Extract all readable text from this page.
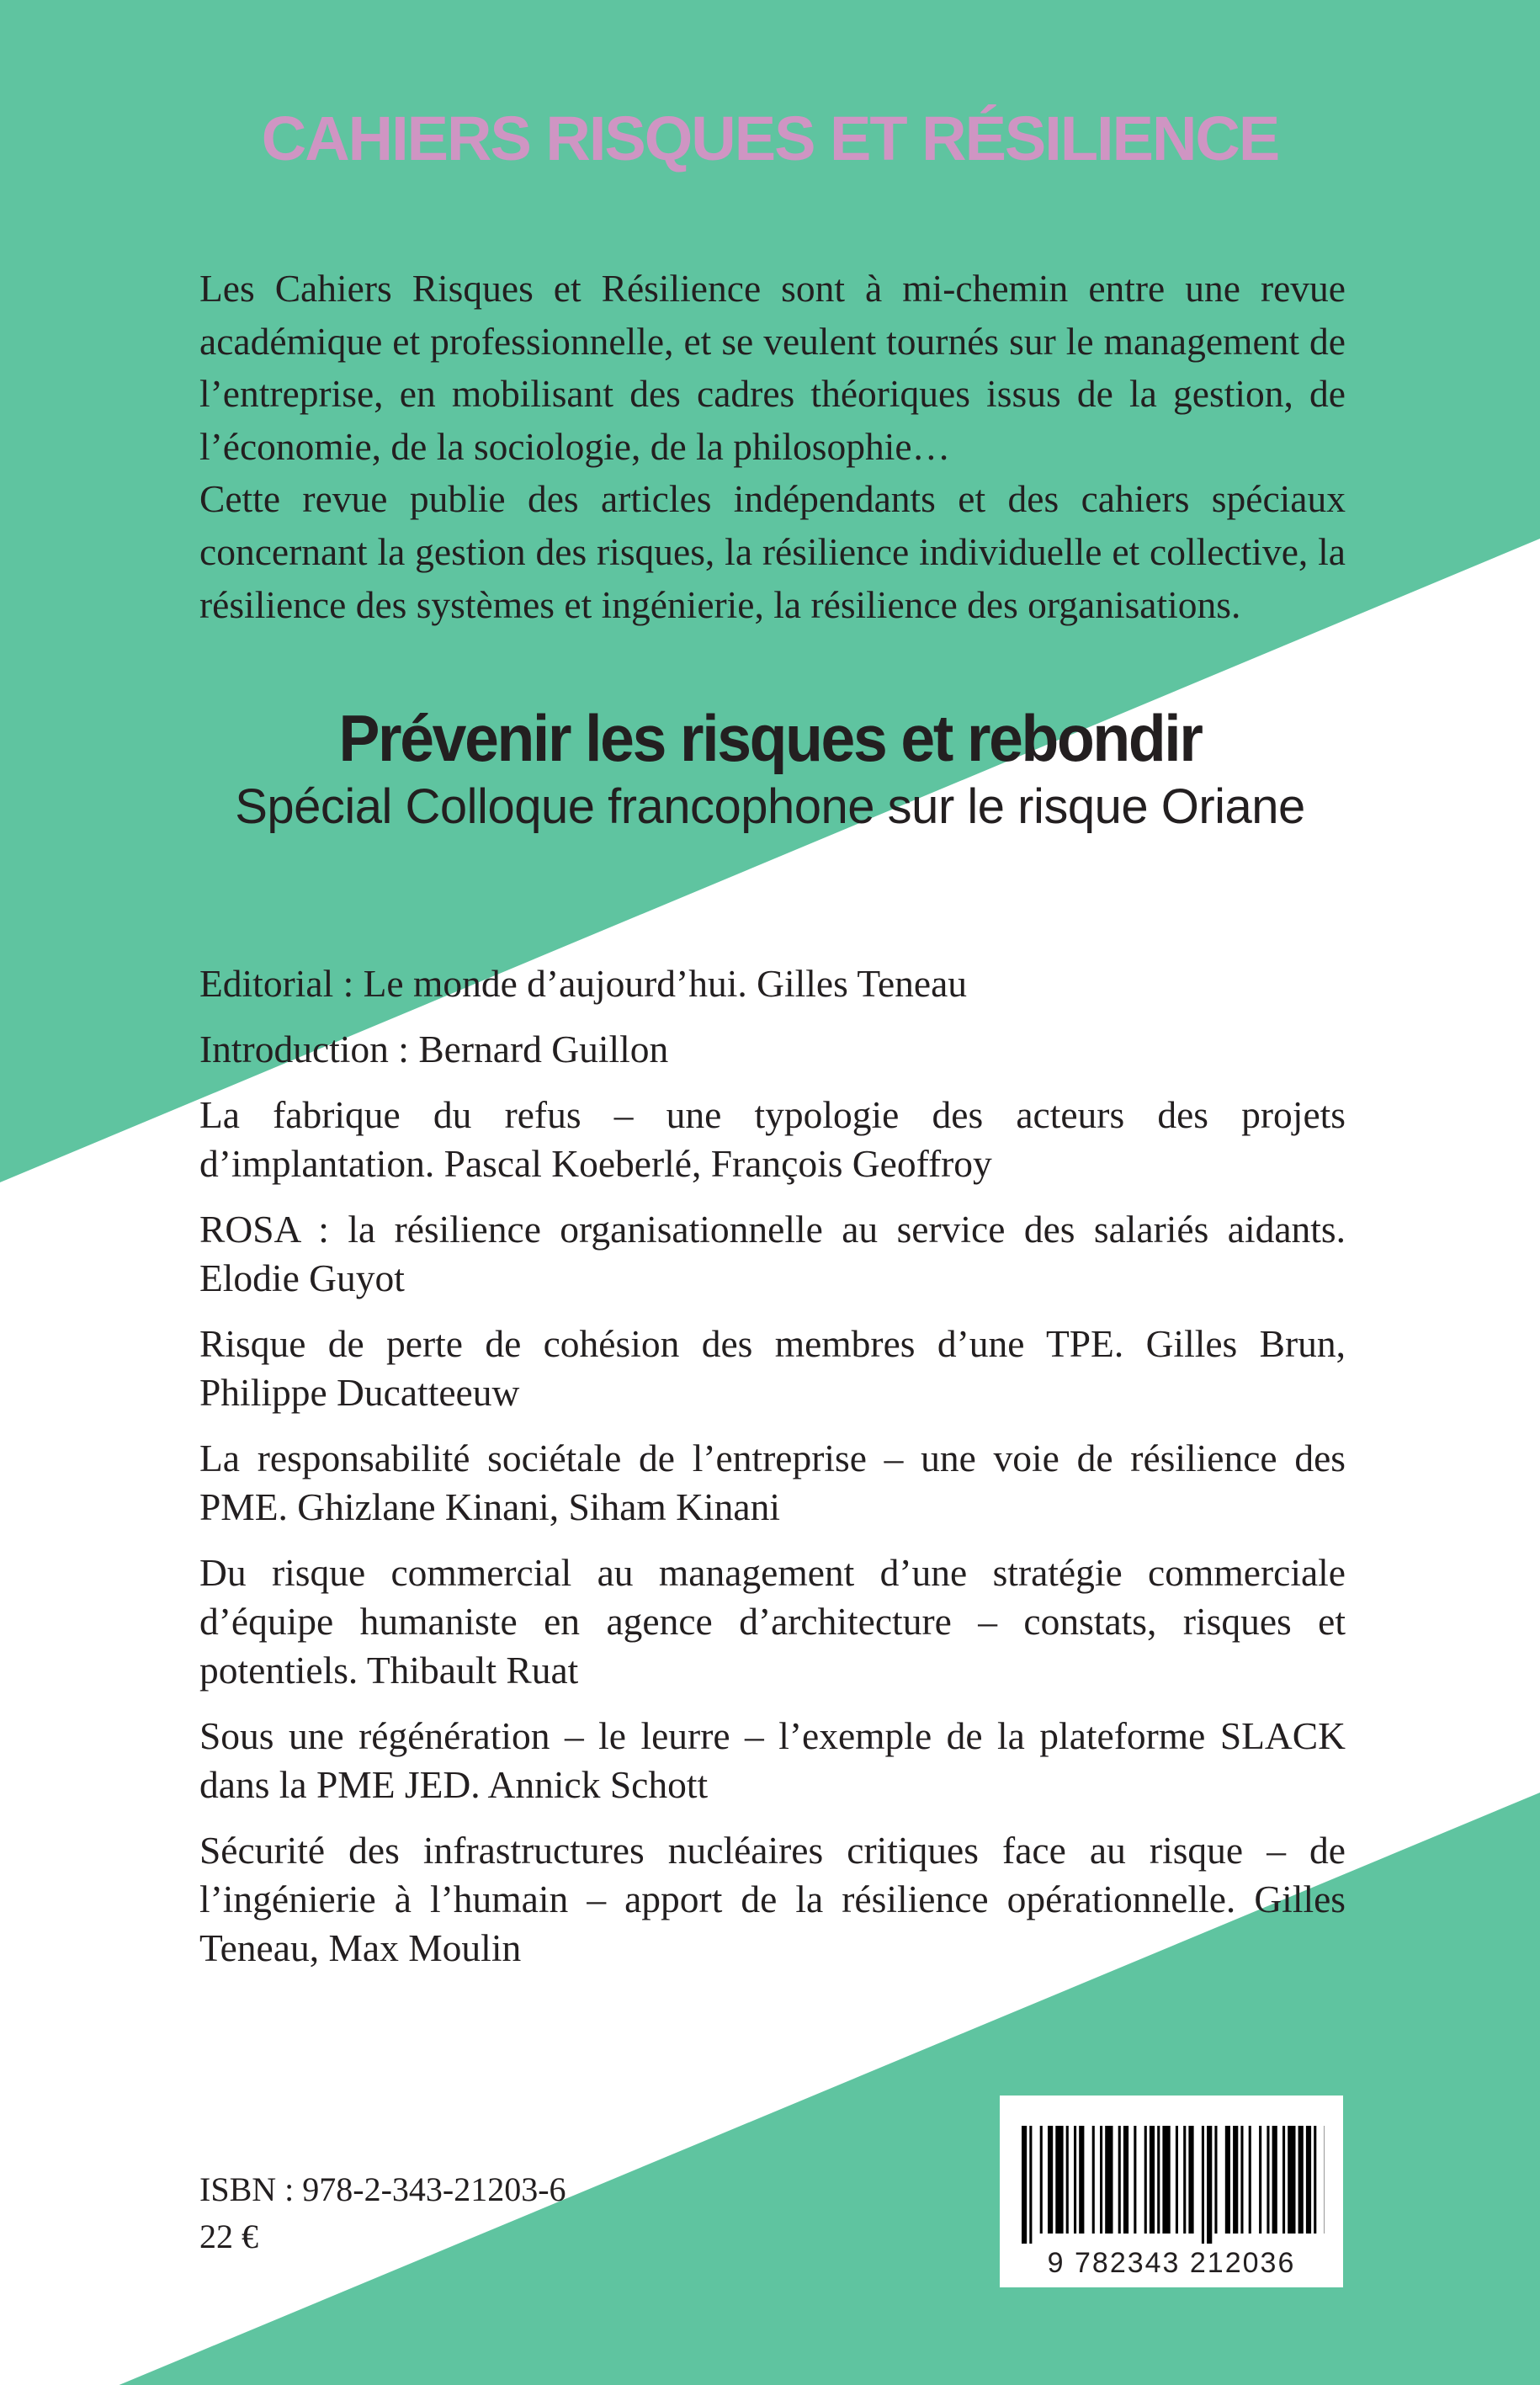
CAHIERS RISQUES ET RÉSILIENCE

Les Cahiers Risques et Résilience sont à mi-chemin entre une revue académique et professionnelle, et se veulent tournés sur le management de l’entreprise, en mobilisant des cadres théoriques issus de la gestion, de l’économie, de la sociologie, de la philosophie…

Cette revue publie des articles indépendants et des cahiers spéciaux concernant la gestion des risques, la résilience individuelle et collective, la résilience des systèmes et ingénierie, la résilience des organisations.

Prévenir les risques et rebondir
Spécial Colloque francophone sur le risque Oriane
Editorial : Le monde d’aujourd’hui. Gilles Teneau
Introduction : Bernard Guillon
La fabrique du refus – une typologie des acteurs des projets d’implantation. Pascal Koeberlé, François Geoffroy
ROSA : la résilience organisationnelle au service des salariés aidants. Elodie Guyot
Risque de perte de cohésion des membres d’une TPE. Gilles Brun, Philippe Ducatteeuw
La responsabilité sociétale de l’entreprise – une voie de résilience des PME. Ghizlane Kinani, Siham Kinani
Du risque commercial au management d’une stratégie commerciale d’équipe humaniste en agence d’architecture – constats, risques et potentiels. Thibault Ruat
Sous une régénération – le leurre – l’exemple de la plateforme SLACK dans la PME JED. Annick Schott
Sécurité des infrastructures nucléaires critiques face au risque – de l’ingénierie à l’humain – apport de la résilience opérationnelle. Gilles Teneau, Max Moulin
ISBN : 978-2-343-21203-6
22 €
9 782343 212036
